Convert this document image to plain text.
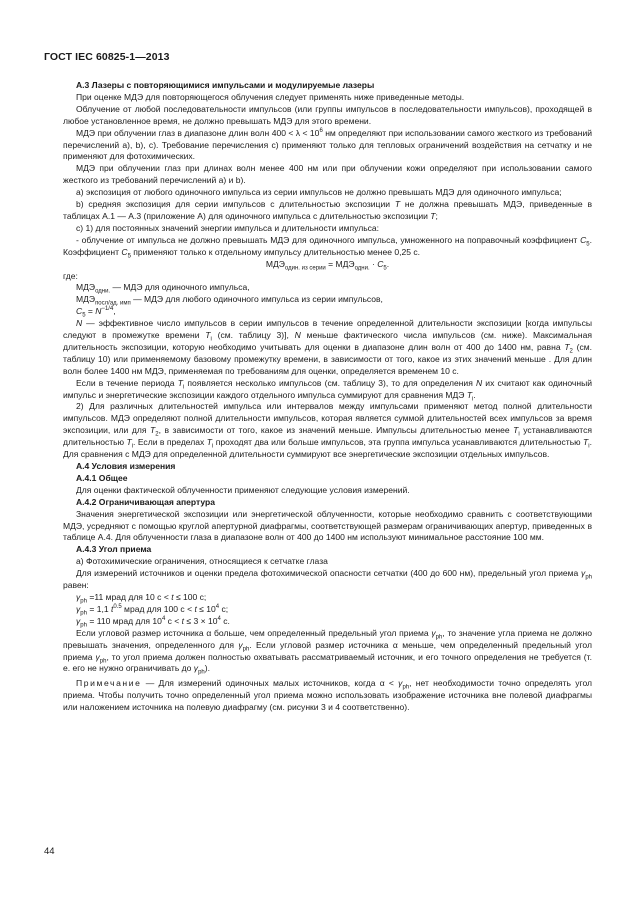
ГОСТ IEC 60825-1—2013

А.3 Лазеры с повторяющимися импульсами и модулируемые лазеры

При оценке МДЭ для повторяющегося облучения следует применять ниже приведенные методы.

Облучение от любой последовательности импульсов (или группы импульсов в последовательности импульсов), проходящей в любое установленное время, не должно превышать МДЭ для этого времени.

МДЭ при облучении глаз в диапазоне длин волн $400 < \lambda < 10^6$ нм определяют при использовании самого жесткого из требований перечислений а), b), с). Требование перечисления с) применяют только для тепловых ограничений воздействия на сетчатку и не применяют для фотохимических.

МДЭ при облучении глаз при длинах волн менее 400 нм или при облучении кожи определяют при использовании самого жесткого из требований перечислений а) и b).

а) экспозиция от любого одиночного импульса из серии импульсов не должно превышать МДЭ для одиночного импульса;

b) средняя экспозиция для серии импульсов с длительностью экспозиции T не должна превышать МДЭ, приведенные в таблицах А.1 — А.3 (приложение А) для одиночного импульса с длительностью экспозиции T;

с) 1) для постоянных значений энергии импульса и длительности импульса:

- облучение от импульса не должно превышать МДЭ для одиночного импульса, умноженного на поправочный коэффициент $C_5$. Коэффициент $C_5$ применяют только к отдельному импульсу длительностью менее 0,25 с.

$МДЭ_{один. из серии} = МДЭ_{одни.} \cdot C_5$.

где:

$МДЭ_{одни.}$ — МДЭ для одиночного импульса,

$МДЭ_{посл/ад. имп}$ — МДЭ для любого одиночного импульса из серии импульсов,

$C_5 = N^{-1/4}$,

N — эффективное число импульсов в серии импульсов в течение определенной длительности экспозиции [когда импульсы следуют в промежутке времени $T_i$ (см. таблицу 3)], N меньше фактического числа импульсов (см. ниже). Максимальная длительность экспозиции, которую необходимо учитывать для оценки в диапазоне длин волн от 400 до 1400 нм, равна $T_2$ (см. таблицу 10) или применяемому базовому промежутку времени, в зависимости от того, какое из этих значений меньше . Для длин волн более 1400 нм МДЭ, применяемая по требованиям для оценки, определяется временем 10 с.

Если в течение периода $T_i$ появляется несколько импульсов (см. таблицу 3), то для определения N их считают как одиночный импульс и энергетические экспозиции каждого отдельного импульса суммируют для сравнения МДЭ $T_i$.

2) Для различных длительностей импульса или интервалов между импульсами применяют метод полной длительности импульсов. МДЭ определяют полной длительности импульсов, которая является суммой длительностей всех импульсов за время экспозиции, или для $T_2$, в зависимости от того, какое из значений меньше. Импульсы длительностью менее $T_i$ устанавливаются длительностью $T_i$. Если в пределах $T_i$ проходят два или больше импульсов, эта группа импульса усанавливаются длительностью $T_i$. Для сравнения с МДЭ для определенной длительности суммируют все энергетические экспозиции отдельных импульсов.

А.4 Условия измерения

А.4.1 Общее

Для оценки фактической облученности применяют следующие условия измерений.

А.4.2 Ограничивающая апертура

Значения энергетической экспозиции или энергетической облученности, которые необходимо сравнить с соответствующими МДЭ, усредняют с помощью круглой апертурной диафрагмы, соответствующей размерам ограничивающих апертур, приведенных в таблице А.4. Для облученности глаза в диапазоне волн от 400 до 1400 нм используют минимальное расстояние 100 мм.

А.4.3 Угол приема

а) Фотохимические ограничения, относящиеся к сетчатке глаза

Для измерений источников и оценки предела фотохимической опасности сетчатки (400 до 600 нм), предельный угол приема $\gamma_{ph}$ равен:

$\gamma_{ph} =11$ мрад для 10 с < t ≤ 100 с;

$\gamma_{ph} = 1,1$ $t^{0.5}$ мрад для 100 $с < t \le 10^4$ с;

$\gamma_{ph} = 110$ мрад для $10^4$ $с < t \le 3 \times 10^4$ с.

Если угловой размер источника α больше, чем определенный предельный угол приема $\gamma_{ph}$, то значение угла приема не должно превышать значения, определенного для $\gamma_{ph}$. Если угловой размер источника α меньше, чем определенный предельный угол приема $\gamma_{ph}$, то угол приема должен полностью охватывать рассматриваемый источник, и его точного определения не требуется (т. е. его не нужно ограничивать до $\gamma_{ph}$).

Примечание — Для измерений одиночных малых источников, когда $\alpha < \gamma_{ph}$, нет необходимости точно определять угол приема. Чтобы получить точно определенный угол приема можно использовать изображение источника вне полевой диафрагмы или наложением источника на полевую диафрагму (см. рисунки 3 и 4 соответственно).

44
